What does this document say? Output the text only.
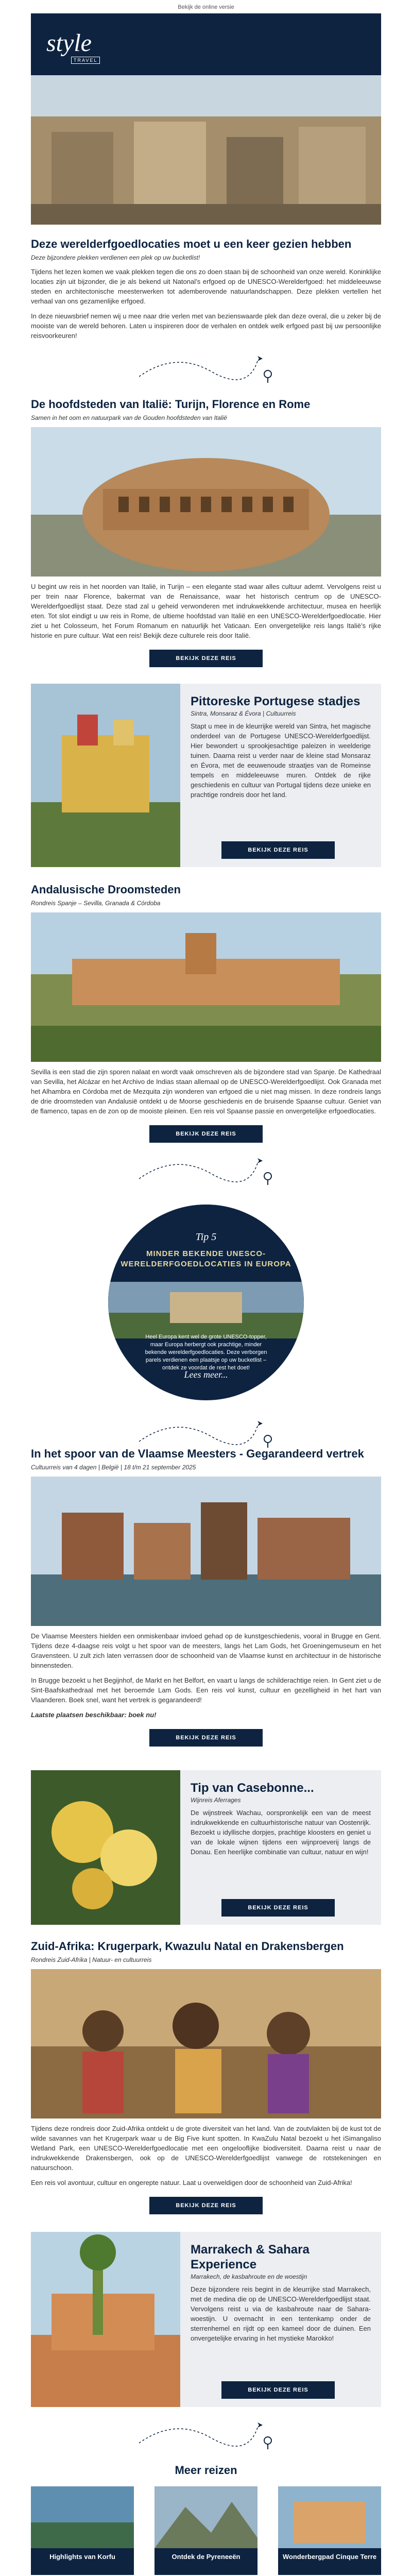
Bekijk de online versie
style
TRAVEL
Deze werelderfgoedlocaties moet u een keer gezien hebben
Deze bijzondere plekken verdienen een plek op uw bucketlist!

Tijdens het lezen komen we vaak plekken tegen die ons zo doen staan bij de schoonheid van onze wereld. Koninklijke locaties zijn uit bijzonder, die je als bekend uit Natonal’s erfgoed op de UNESCO-Werelderfgoed: het middeleeuwse steden en architectonische meesterwerken tot ademberovende natuurlandschappen. Deze plekken vertellen het verhaal van ons gezamenlijke erfgoed.

In deze nieuwsbrief nemen wij u mee naar drie verlen met van bezienswaarde plek dan deze overal, die u zeker bij de mooiste van de wereld behoren. Laten u inspireren door de verhalen en ontdek welk erfgoed past bij uw persoonlijke reisvoorkeuren!

De hoofdsteden van Italië: Turijn, Florence en Rome
Samen in het oom en natuurpark van de Gouden hoofdsteden van Italië

U begint uw reis in het noorden van Italië, in Turijn – een elegante stad waar alles cultuur ademt. Vervolgens reist u per trein naar Florence, bakermat van de Renaissance, waar het historisch centrum op de UNESCO-Werelderfgoedlijst staat. Deze stad zal u geheid verwonderen met indrukwekkende architectuur, musea en heerlijk eten. Tot slot eindigt u uw reis in Rome, de ultieme hoofdstad van Italië en een UNESCO-Werelderfgoedlocatie. Hier ziet u het Colosseum, het Forum Romanum en natuurlijk het Vaticaan. Een onvergetelijke reis langs Italië’s rijke historie en pure cultuur. Wat een reis! Bekijk deze culturele reis door Italië.

BEKIJK DEZE REIS
Pittoreske Portugese stadjes
Sintra, Monsaraz & Évora | Cultuurreis
Stapt u mee in de kleurrijke wereld van Sintra, het magische onderdeel van de Portugese UNESCO-Werelderfgoedlijst. Hier bewondert u sprookjesachtige paleizen in weelderige tuinen. Daarna reist u verder naar de kleine stad Monsaraz en Évora, met de eeuwenoude straatjes van de Romeinse tempels en middeleeuwse muren. Ontdek de rijke geschiedenis en cultuur van Portugal tijdens deze unieke en prachtige rondreis door het land.
BEKIJK DEZE REIS
Andalusische Droomsteden
Rondreis Spanje – Sevilla, Granada & Córdoba

Sevilla is een stad die zijn sporen nalaat en wordt vaak omschreven als de bijzondere stad van Spanje. De Kathedraal van Sevilla, het Alcázar en het Archivo de Indias staan allemaal op de UNESCO-Werelderfgoedlijst. Ook Granada met het Alhambra en Córdoba met de Mezquita zijn wonderen van erfgoed die u niet mag missen. In deze rondreis langs de drie droomsteden van Andalusië ontdekt u de Moorse geschiedenis en de bruisende Spaanse cultuur. Geniet van de flamenco, tapas en de zon op de mooiste pleinen. Een reis vol Spaanse passie en onvergetelijke erfgoedlocaties.

BEKIJK DEZE REIS
Tip 5
MINDER BEKENDE UNESCO-WERELDERFGOEDLOCATIES IN EUROPA
Heel Europa kent wel de grote UNESCO-topper, maar Europa herbergt ook prachtige, minder bekende werelderfgoedlocaties. Deze verborgen parels verdienen een plaatsje op uw bucketlist – ontdek ze voordat de rest het doet!
Lees meer...
In het spoor van de Vlaamse Meesters - Gegarandeerd vertrek
Cultuurreis van 4 dagen | België | 18 t/m 21 september 2025

De Vlaamse Meesters hielden een onmiskenbaar invloed gehad op de kunstgeschiedenis, vooral in Brugge en Gent. Tijdens deze 4-daagse reis volgt u het spoor van de meesters, langs het Lam Gods, het Groeningemuseum en het Gravensteen. U zult zich laten verrassen door de schoonheid van de Vlaamse kunst en architectuur in de historische binnensteden.

In Brugge bezoekt u het Begijnhof, de Markt en het Belfort, en vaart u langs de schilderachtige reien. In Gent ziet u de Sint-Baafskathedraal met het beroemde Lam Gods. Een reis vol kunst, cultuur en gezelligheid in het hart van Vlaanderen. Boek snel, want het vertrek is gegarandeerd!

Laatste plaatsen beschikbaar: boek nu!

BEKIJK DEZE REIS
Tip van Casebonne...
Wijnreis Aferrages
De wijnstreek Wachau, oorspronkelijk een van de meest indrukwekkende en cultuurhistorische natuur van Oostenrijk. Bezoekt u idyllische dorpjes, prachtige kloosters en geniet u van de lokale wijnen tijdens een wijnproeverij langs de Donau. Een heerlijke combinatie van cultuur, natuur en wijn!
BEKIJK DEZE REIS
Zuid-Afrika: Krugerpark, Kwazulu Natal en Drakensbergen
Rondreis Zuid-Afrika | Natuur- en cultuurreis

Tijdens deze rondreis door Zuid-Afrika ontdekt u de grote diversiteit van het land. Van de zoutvlakten bij de kust tot de wilde savannes van het Krugerpark waar u de Big Five kunt spotten. In KwaZulu Natal bezoekt u het iSimangaliso Wetland Park, een UNESCO-Werelderfgoedlocatie met een ongelooflijke biodiversiteit. Daarna reist u naar de indrukwekkende Drakensbergen, ook op de UNESCO-Werelderfgoedlijst vanwege de rotstekeningen en natuurschoon.

Een reis vol avontuur, cultuur en ongerepte natuur. Laat u overweldigen door de schoonheid van Zuid-Afrika!

BEKIJK DEZE REIS
Marrakech & Sahara Experience
Marrakech, de kasbahroute en de woestijn
Deze bijzondere reis begint in de kleurrijke stad Marrakech, met de medina die op de UNESCO-Werelderfgoedlijst staat. Vervolgens reist u via de kasbahroute naar de Sahara-woestijn. U overnacht in een tentenkamp onder de sterrenhemel en rijdt op een kameel door de duinen. Een onvergetelijke ervaring in het mystieke Marokko!
BEKIJK DEZE REIS
Meer reizen
Highlights van Korfu	Ontdek de Pyreneeën	Wonderbergpad Cinque Terre
